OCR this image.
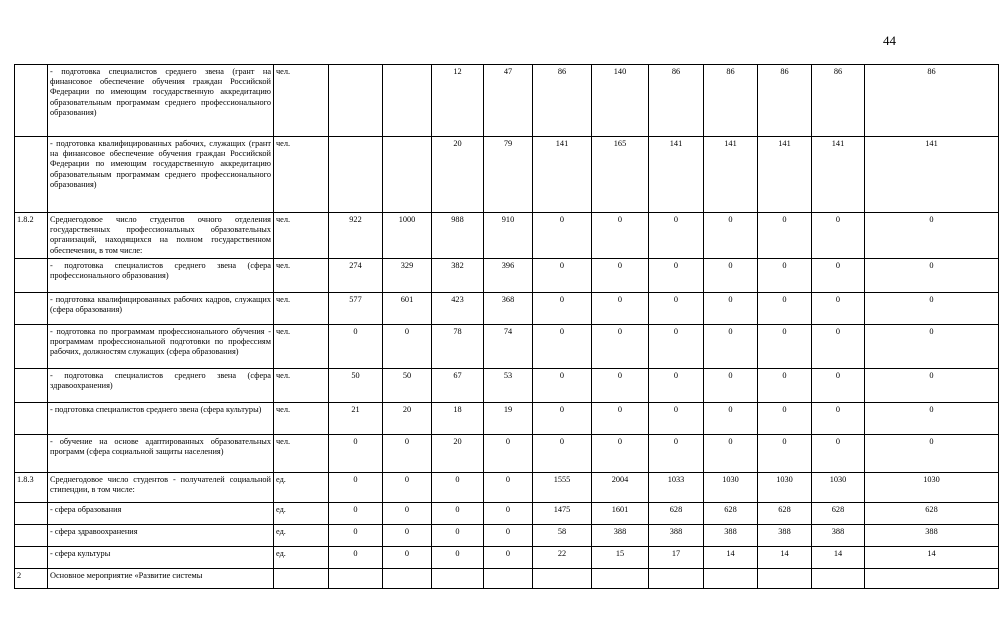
44
	- подготовка специалистов среднего звена (грант на финансовое обеспечение обучения граждан Российской Федерации по имеющим государственную аккредитацию образовательным программам среднего профессионального образования)	чел.			12	47	86	140	86	86	86	86	86
	- подготовка квалифицированных рабочих, служащих (грант на финансовое обеспечение обучения граждан Российской Федерации по имеющим государственную аккредитацию образовательным программам среднего профессионального образования)	чел.			20	79	141	165	141	141	141	141	141
1.8.2	Среднегодовое число студентов очного отделения государственных профессиональных образовательных организаций, находящихся на полном государственном обеспечении, в том числе:	чел.	922	1000	988	910	0	0	0	0	0	0	0
	- подготовка специалистов среднего звена (сфера профессионального образования)	чел.	274	329	382	396	0	0	0	0	0	0	0
	- подготовка квалифицированных рабочих кадров, служащих (сфера образования)	чел.	577	601	423	368	0	0	0	0	0	0	0
	- подготовка по программам профессионального обучения - программам профессиональной подготовки по профессиям рабочих, должностям служащих (сфера образования)	чел.	0	0	78	74	0	0	0	0	0	0	0
	- подготовка специалистов среднего звена (сфера здравоохранения)	чел.	50	50	67	53	0	0	0	0	0	0	0
	- подготовка специалистов среднего звена (сфера культуры)	чел.	21	20	18	19	0	0	0	0	0	0	0
	- обучение на основе адаптированных образовательных программ (сфера социальной защиты населения)	чел.	0	0	20	0	0	0	0	0	0	0	0
1.8.3	Среднегодовое число студентов - получателей социальной стипендии, в том числе:	ед.	0	0	0	0	1555	2004	1033	1030	1030	1030	1030
	- сфера образования	ед.	0	0	0	0	1475	1601	628	628	628	628	628
	- сфера здравоохранения	ед.	0	0	0	0	58	388	388	388	388	388	388
	- сфера культуры	ед.	0	0	0	0	22	15	17	14	14	14	14
2	Основное мероприятие «Развитие системы												
